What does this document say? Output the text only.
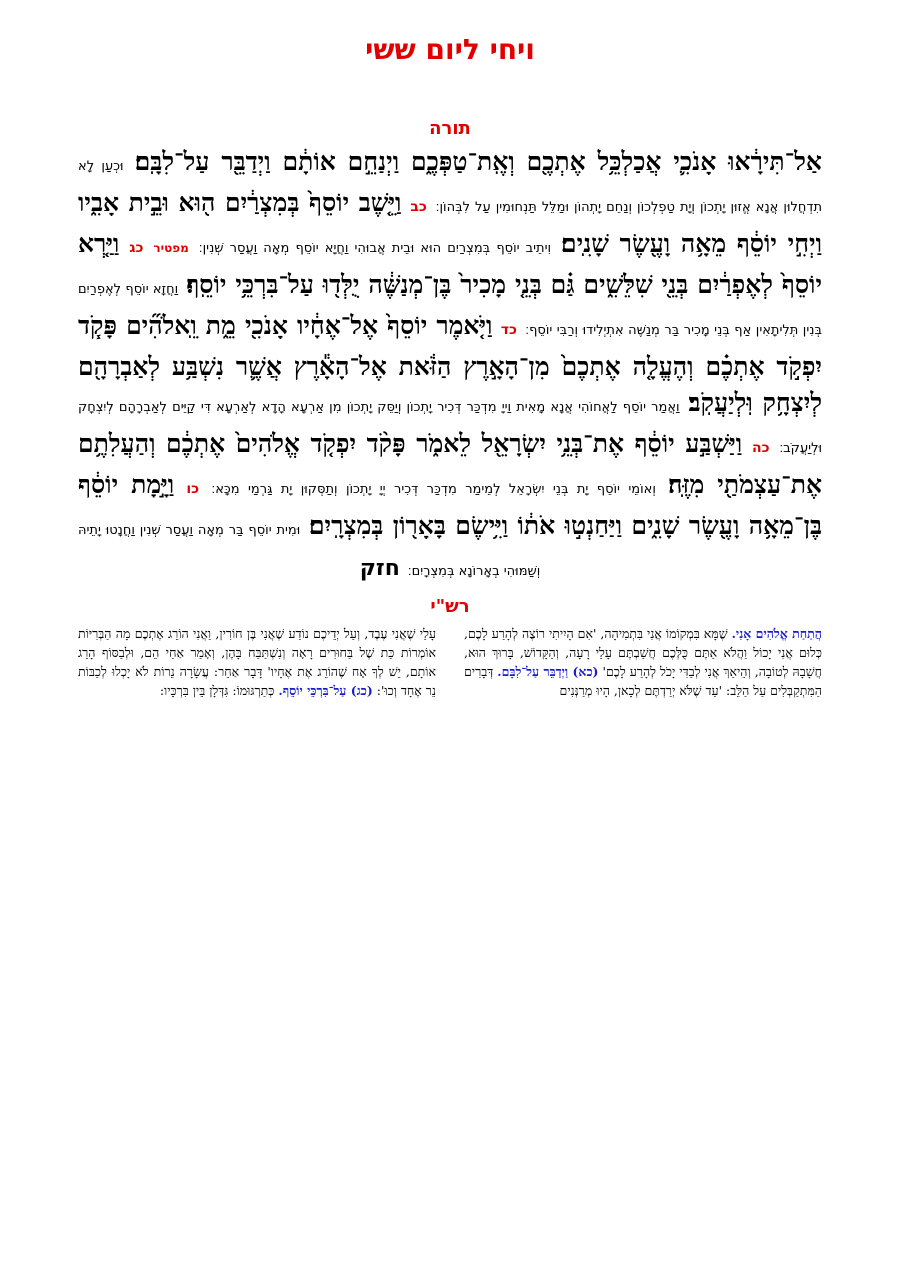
ויחי ליום ששי
תורה

אַל־תִּירָ֔אוּ אָנֹכִ֛י אֲכַלְכֵּ֥ל אֶתְכֶ֖ם וְאֶֽת־טַפְּכֶ֑ם וַיְנַחֵ֣ם אוֹתָ֔ם וַיְדַבֵּ֖ר עַל־לִבָּֽם׃ וּכְעַן לָא תִדְחֲלוּן אֲנָא אֱזוּן יָתְכוֹן וְיָת טַפְלְכוֹן וְנַחֵם יָתְהוֹן וּמַלֵּל תַּנְחוּמִין עַל לִבְּהוֹן׃ כב וַיֵּ֤שֶׁב יוֹסֵף֙ בְּמִצְרַ֔יִם ה֖וּא וּבֵ֣ית אָבִ֑יו וַיְחִ֣י יוֹסֵ֔ף מֵאָ֥ה וָעֶ֖שֶׂר שָׁנִֽים׃ וִיתֵיב יוֹסֵף בְּמִצְרַיִם הוּא וּבֵית אֲבוּהִי וַחֲיָא יוֹסֵף מְאָה וַעֲסַר שְׁנִין׃ מפטיר כג וַיַּ֤רְא יוֹסֵף֙ לְאֶפְרַ֔יִם בְּנֵ֖י שִׁלֵּשִׁ֑ים גַּ֗ם בְּנֵ֤י מָכִיר֙ בֶּן־מְנַשֶּׁ֔ה יֻלְּד֖וּ עַל־בִּרְכֵּ֥י יוֹסֵֽף׃ וַחֲזָא יוֹסֵף לְאֶפְרַיִם בְּנִין תְּלִיתָאִין אַף בְּנֵי מָכִיר בַּר מְנַשֶּׁה אִתְיְלִידוּ וְרַבִּי יוֹסֵף׃ כד וַיֹּ֤אמֶר יוֹסֵף֙ אֶל־אֶחָ֔יו אָנֹכִ֖י מֵ֑ת וֵֽאלֹהִ֞ים פָּקֹ֧ד יִפְקֹ֣ד אֶתְכֶ֗ם וְהֶעֱלָ֤ה אֶתְכֶם֙ מִן־הָאָ֣רֶץ הַזֹּ֔את אֶל־הָאָ֕רֶץ אֲשֶׁ֛ר נִשְׁבַּ֥ע לְאַבְרָהָ֖ם לְיִצְחָ֥ק וּֽלְיַעֲקֹֽב׃ וַאֲמַר יוֹסֵף לַאֲחוֹהִי אֲנָא מָאִית וַייָ מִדְכַּר דְּכִיר יָתְכוֹן וְיַסֵּק יָתְכוֹן מִן אַרְעָא הָדָא לְאַרְעָא דִּי קַיֵּים לְאַבְרָהָם לְיִצְחָק וּלְיַעֲקֹב׃ כה וַיַּשְׁבַּ֣ע יוֹסֵ֔ף אֶת־בְּנֵ֥י יִשְׂרָאֵ֖ל לֵאמֹ֑ר פָּקֹ֨ד יִפְקֹ֤ד אֱלֹהִים֙ אֶתְכֶ֔ם וְהַעֲלִתֶ֥ם אֶת־עַצְמֹתַ֖י מִזֶּֽה׃ וְאוֹמֵי יוֹסֵף יָת בְּנֵי יִשְׂרָאֵל לְמֵימַר מִדְכַּר דְּכִיר יְיָ יָתְכוֹן וְתַסְּקוּן יָת גַּרְמַי מִכָּא׃ כו וַיָּ֣מָת יוֹסֵ֔ף בֶּן־מֵאָ֥ה וָעֶ֖שֶׂר שָׁנִ֑ים וַיַּחַנְט֣וּ אֹת֔וֹ וַיִּ֥ישֶׂם בָּאָר֖וֹן בְּמִצְרָֽיִם׃ וּמִית יוֹסֵף בַּר מְאָה וַעֲסַר שְׁנִין וַחֲנָטוּ יָתֵיהּ וְשַׁמּוּהִי בְאָרוֹנָא בְּמִצְרָיִם׃ חזק

רש"י
הֲתַחַת אֱלֹהִים אָנִי. שֶׁמָּא בִּמְקוֹמוֹ אֲנִי בִּתְמִיהָה, 'אִם הָיִיתִי רוֹצֶה לְהָרַע לָכֶם, כְּלוּם אֲנִי יָכוֹל וַהֲלֹא אַתֶּם כֻּלְּכֶם חֲשַׁבְתֶּם עָלַי רָעָה, וְהַקָּדוֹשׁ, בָּרוּךְ הוּא, חֲשָׁבָהּ לְטוֹבָה, וְהֵיאַךְ אֲנִי לְבַדִּי יָכֹל לְהָרַע לָכֶם' (כא) וַיְדַבֵּר עַל־לִבָּם. דְּבָרִים הַמִּתְקַבְּלִים עַל הַלֵּב: 'עַד שֶׁלֹּא יְרַדְתֶּם לְכָאן, הָיוּ מְרַנְּנִים
עָלַי שֶׁאֲנִי עֶבֶד, וְעַל יְדֵיכֶם נוֹדַע שֶׁאֲנִי בֶּן חוֹרִין, וַאֲנִי הוֹרֵג אֶתְכֶם מָה הַבְּרִיּוֹת אוֹמְרוֹת כַּת שֶׁל בַּחוּרִים רָאָה וְנִשְׁתַּבַּח בָּהֶן, וְאָמַר אַחַי הֵם, וּלְבַסּוֹף הָרַג אוֹתָם, יֵשׁ לְךָ אָח שֶׁהוֹרֵג אֶת אֶחָיו' דָּבָר אַחֵר: עֲשָׂרָה נֵרוֹת לֹא יָכְלוּ לְכַבּוֹת נֵר אֶחָד וְכוּ': (כג) עַל־בִּרְכֵּי יוֹסֵף. כְּתַרְגּוּמוֹ: גִּדְּלָן בֵּין בִּרְכָּיו:
